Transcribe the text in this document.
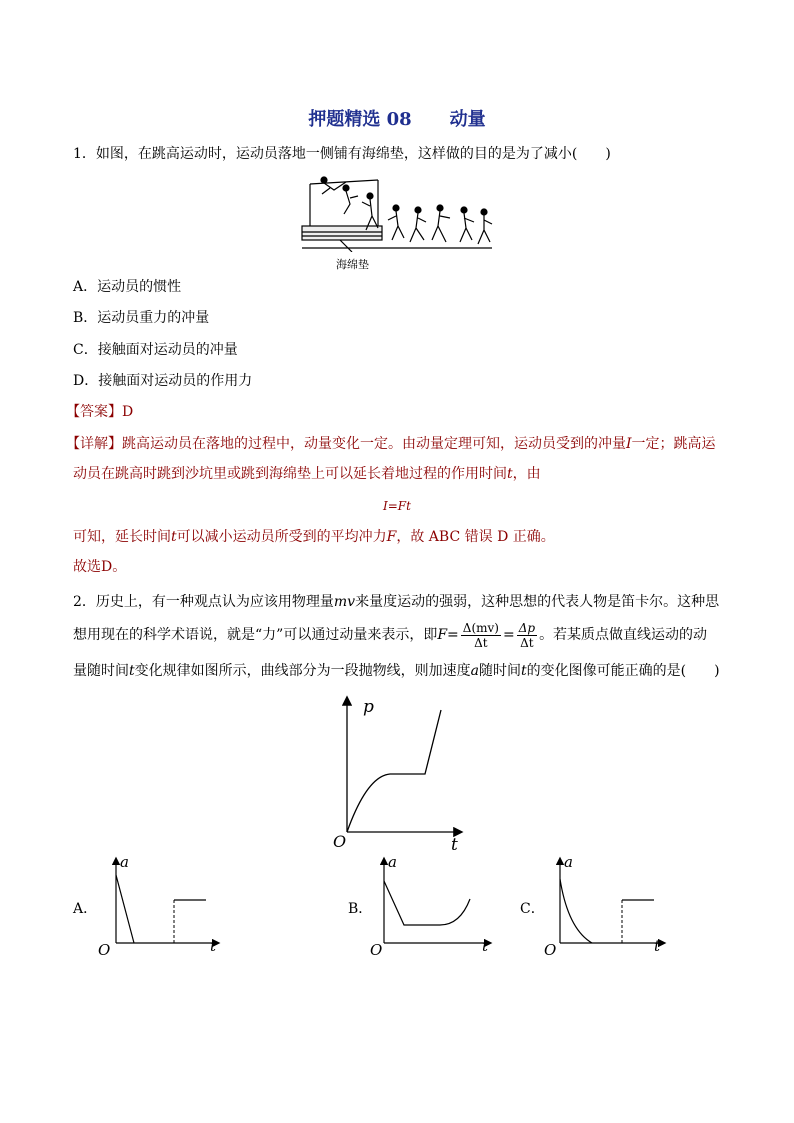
押题精选 08 动量
1．如图，在跳高运动时，运动员落地一侧铺有海绵垫，这样做的目的是为了减小(　　)
海绵垫
A．运动员的惯性
B．运动员重力的冲量
C．接触面对运动员的冲量
D．接触面对运动员的作用力
【答案】D
【详解】跳高运动员在落地的过程中，动量变化一定。由动量定理可知，运动员受到的冲量I一定；跳高运
动员在跳高时跳到沙坑里或跳到海绵垫上可以延长着地过程的作用时间t，由
I=Ft
可知，延长时间t可以减小运动员所受到的平均冲力F，故 ABC 错误 D 正确。
故选D。
2．历史上，有一种观点认为应该用物理量mv来量度运动的强弱，这种思想的代表人物是笛卡尔。这种思
想用现在的科学术语说，就是“力”可以通过动量来表示，即$F= \frac{\Delta(mv)}{\Delta t} = \frac{\Delta p}{\Delta t}$ 。若某质点做直线运动的动
量随时间t变化规律如图所示，曲线部分为一段抛物线，则加速度a随时间t的变化图像可能正确的是(　　)
p
t
O
A．
a
t
O
B．
a
t
O
C．
a
t
O
